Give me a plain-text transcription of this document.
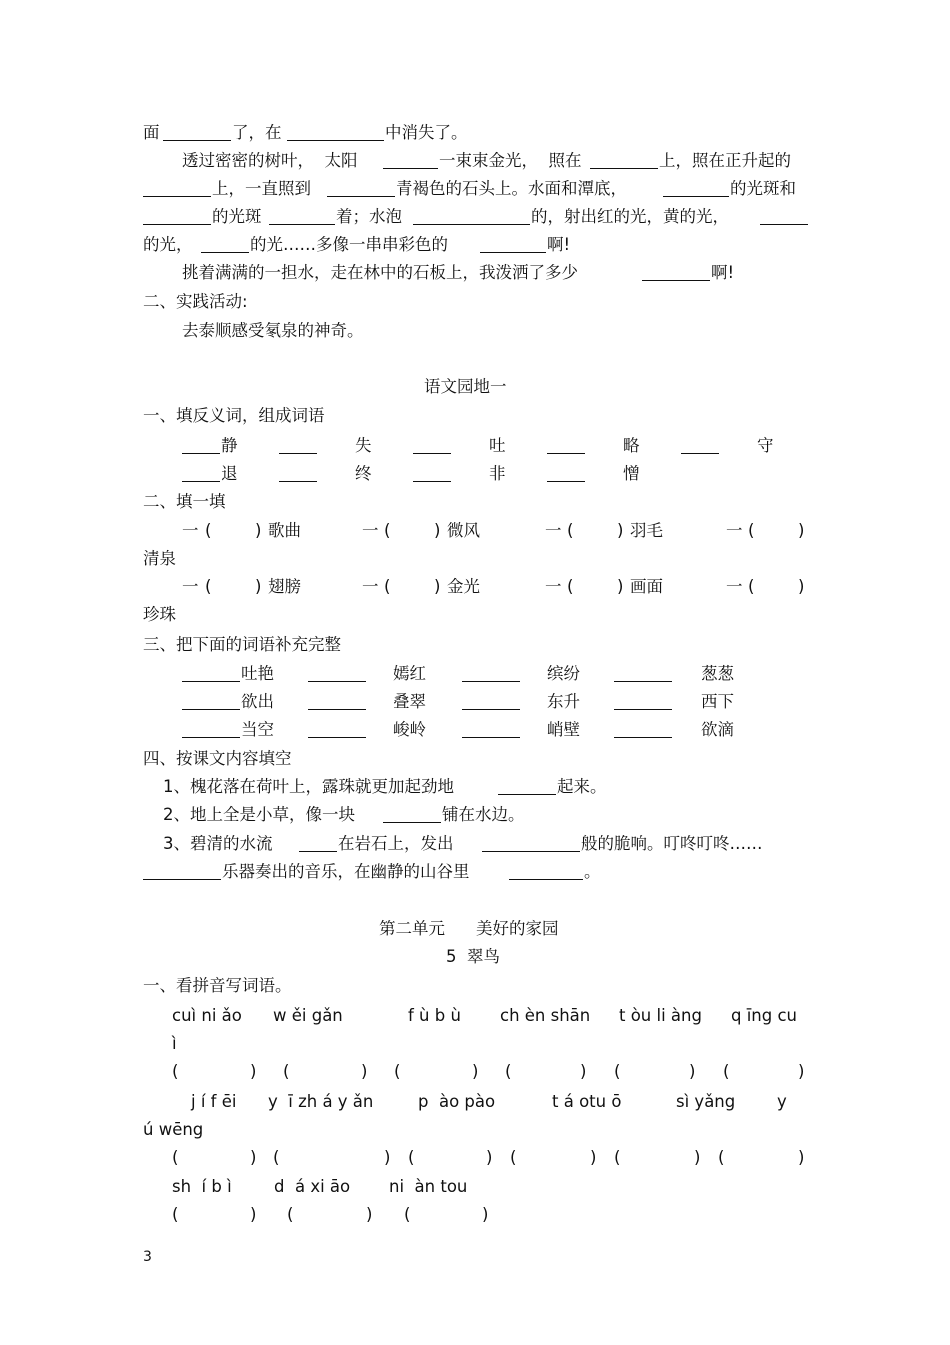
面	了，在	中消失了。
透过密密的树叶，  太阳	一束束金光，  照在	上，照在正升起的
上，一直照到	青褐色的石头上。水面和潭底，	的光斑和
的光斑	着；水泡	的，射出红的光，黄的光，
的光，	的光……多像一串串彩色的	啊!
挑着满满的一担水，走在林中的石板上，我泼洒了多少	啊!
二、实践活动:
去泰顺感受氡泉的神奇。
语文园地一
一、填反义词，组成词语
静	失	吐	略	守
退	终	非	憎
二、填一填
一 (	) 歌曲	一 (	) 微风	一 (	) 羽毛	一 (	)
清泉
一 (	) 翅膀	一 (	) 金光	一 (	) 画面	一 (	)
珍珠
三、把下面的词语补充完整
吐艳	嫣红	缤纷	葱葱
欲出	叠翠	东升	西下
当空	峻岭	峭壁	欲滴
四、按课文内容填空
1、槐花落在荷叶上，露珠就更加起劲地	起来。
2、地上全是小草，像一块	铺在水边。
3、碧清的水流	在岩石上，发出	般的脆响。叮咚叮咚……
乐器奏出的音乐，在幽静的山谷里	。
第二单元 美好的家园
5  翠鸟
一、看拼音写词语。
cuì ni ǎo w ěi gǎn	f ù b ù ch èn shān t òu li àng q īng cu
ì
(	) (	) (	) (	) (	) (	)
j í f ēi y  ī zh á y ǎn	p  ào pào	t á otu ō	sì yǎng	y
ú wēng
(	) (	) (	) (	) (	) (	)
sh  í b ì	d  á xi āo ni  àn tou
(	) (	) (	)
3
